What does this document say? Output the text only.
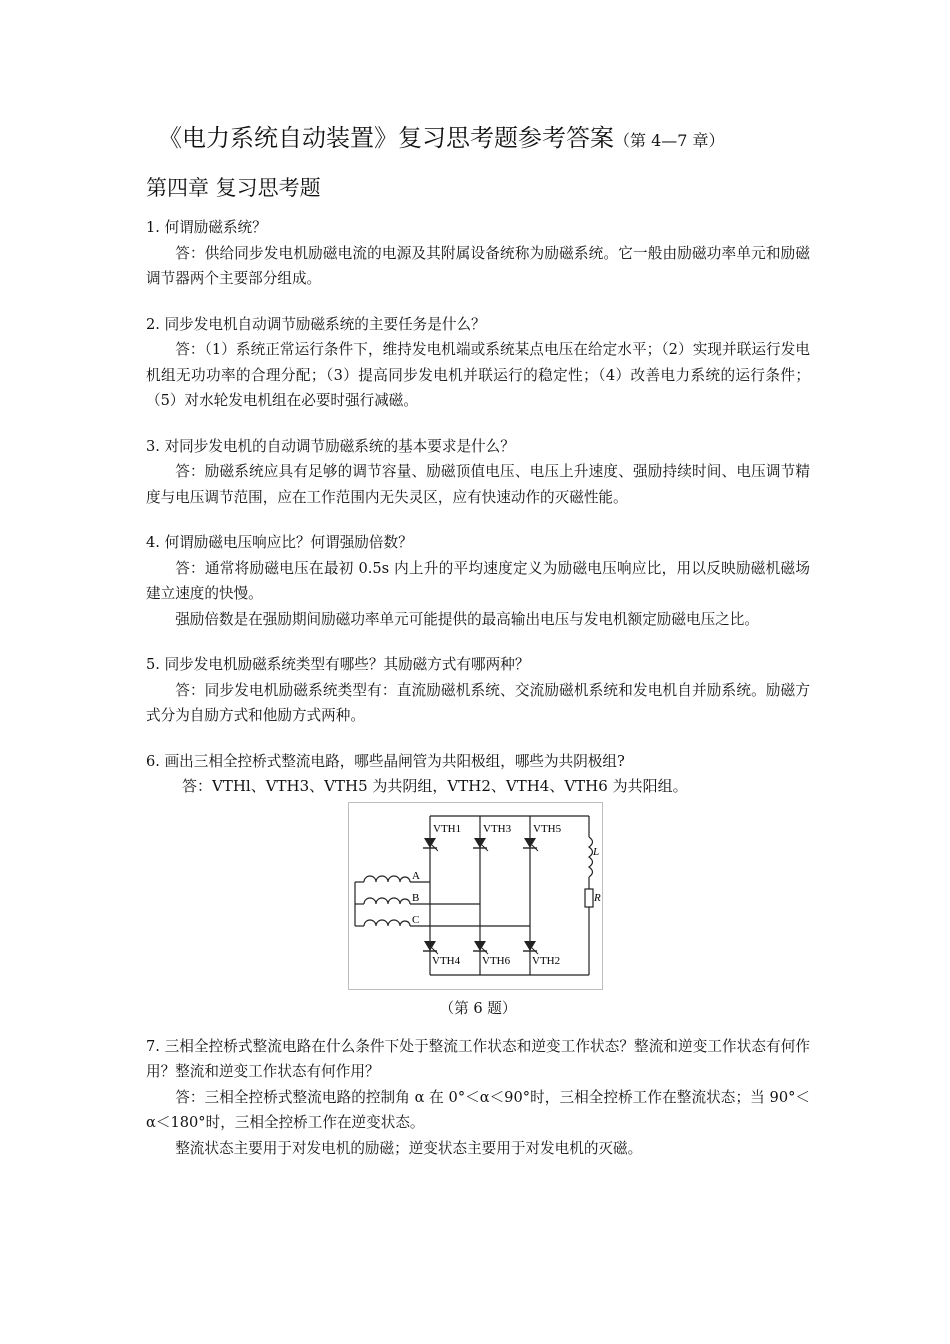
《电力系统自动装置》复习思考题参考答案（第 4—7 章）
第四章 复习思考题

1. 何谓励磁系统？

答：供给同步发电机励磁电流的电源及其附属设备统称为励磁系统。它一般由励磁功率单元和励磁调节器两个主要部分组成。

2. 同步发电机自动调节励磁系统的主要任务是什么？

答：（1）系统正常运行条件下，维持发电机端或系统某点电压在给定水平；（2）实现并联运行发电机组无功功率的合理分配；（3）提高同步发电机并联运行的稳定性；（4）改善电力系统的运行条件；（5）对水轮发电机组在必要时强行减磁。

3. 对同步发电机的自动调节励磁系统的基本要求是什么？

答：励磁系统应具有足够的调节容量、励磁顶值电压、电压上升速度、强励持续时间、电压调节精度与电压调节范围，应在工作范围内无失灵区，应有快速动作的灭磁性能。

4. 何谓励磁电压响应比？何谓强励倍数？

答：通常将励磁电压在最初 0.5s 内上升的平均速度定义为励磁电压响应比，用以反映励磁机磁场建立速度的快慢。

强励倍数是在强励期间励磁功率单元可能提供的最高输出电压与发电机额定励磁电压之比。

5. 同步发电机励磁系统类型有哪些？其励磁方式有哪两种？

答：同步发电机励磁系统类型有：直流励磁机系统、交流励磁机系统和发电机自并励系统。励磁方式分为自励方式和他励方式两种。

6. 画出三相全控桥式整流电路，哪些晶闸管为共阳极组，哪些为共阴极组?

答：VTHl、VTH3、VTH5 为共阴组，VTH2、VTH4、VTH6 为共阳组。

VTH1 VTH3 VTH5
VTH4 VTH6 VTH2
A
B
C
L
R
（第 6 题）

7. 三相全控桥式整流电路在什么条件下处于整流工作状态和逆变工作状态？整流和逆变工作状态有何作用？整流和逆变工作状态有何作用？

答：三相全控桥式整流电路的控制角 α 在 0°＜α＜90°时，三相全控桥工作在整流状态；当 90°＜α＜180°时，三相全控桥工作在逆变状态。

整流状态主要用于对发电机的励磁；逆变状态主要用于对发电机的灭磁。
